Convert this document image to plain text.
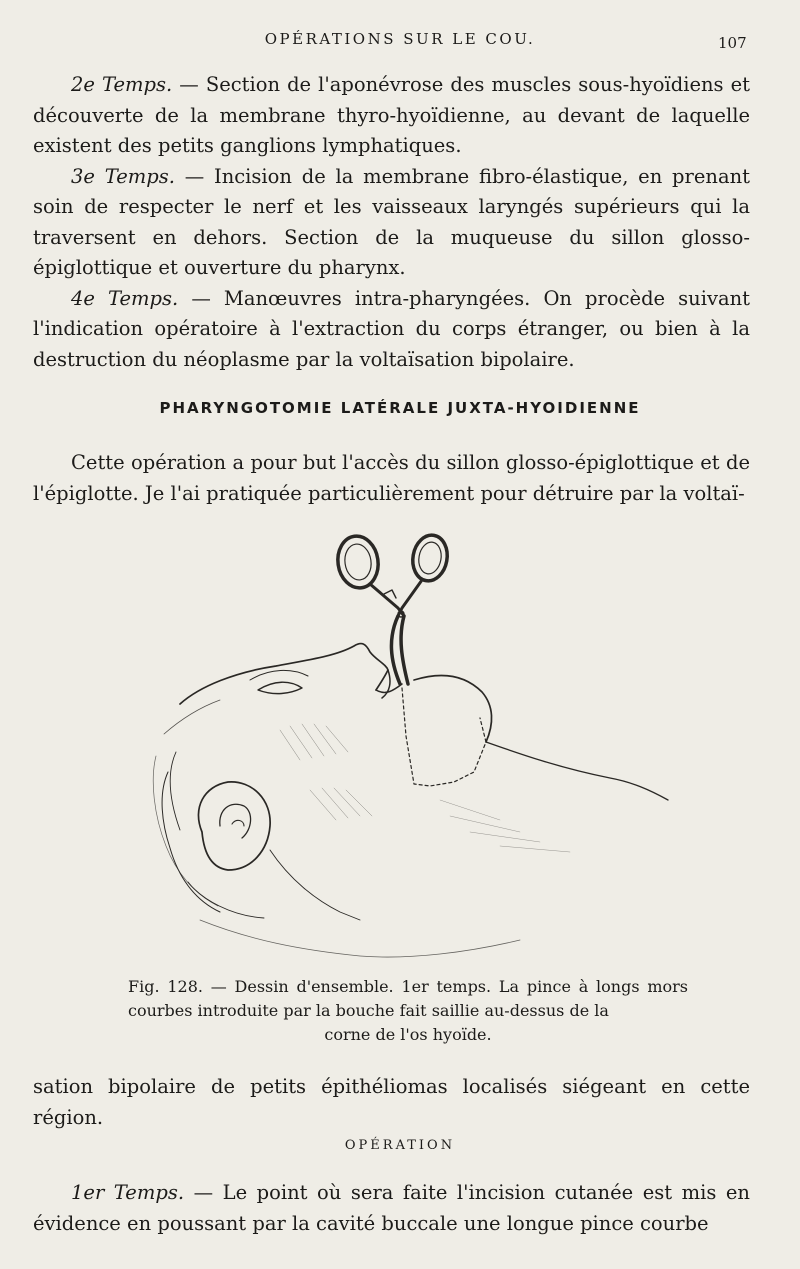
OPÉRATIONS SUR LE COU.	107

2e Temps. — Section de l'aponévrose des muscles sous-hyoïdiens et découverte de la membrane thyro-hyoïdienne, au devant de laquelle existent des petits ganglions lymphatiques.

3e Temps. — Incision de la membrane fibro-élastique, en prenant soin de respecter le nerf et les vaisseaux laryngés supérieurs qui la traversent en dehors. Section de la muqueuse du sillon glosso-épiglottique et ouverture du pharynx.

4e Temps. — Manœuvres intra-pharyngées. On procède suivant l'indication opératoire à l'extraction du corps étranger, ou bien à la destruction du néoplasme par la voltaïsation bipolaire.

PHARYNGOTOMIE LATÉRALE JUXTA-HYOIDIENNE

Cette opération a pour but l'accès du sillon glosso-épiglottique et de l'épiglotte. Je l'ai pratiquée particulièrement pour détruire par la voltaï-

Fig. 128. — Dessin d'ensemble. 1er temps. La pince à longs mors courbes introduite par la bouche fait saillie au-dessus de la
corne de l'os hyoïde.

sation bipolaire de petits épithéliomas localisés siégeant en cette région.

OPÉRATION

1er Temps. — Le point où sera faite l'incision cutanée est mis en évidence en poussant par la cavité buccale une longue pince courbe
